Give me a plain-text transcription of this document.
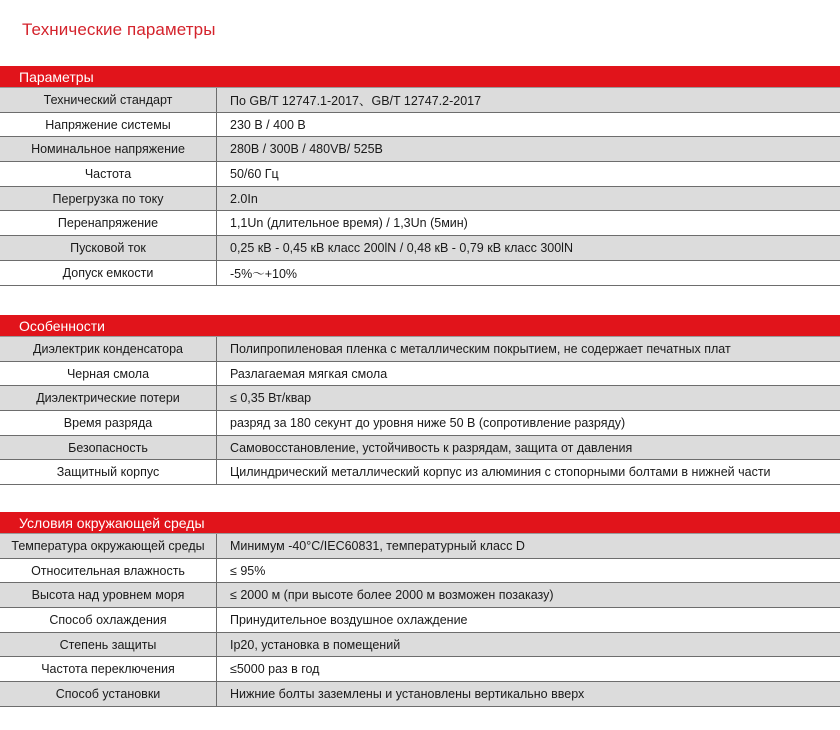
Технические параметры
Параметры
Технический стандарт	По GB/T 12747.1-2017、GB/T 12747.2-2017
Напряжение системы	230 В / 400 В
Номинальное напряжение	280В / 300В / 480VВ/ 525В
Частота	50/60 Гц
Перегрузка по току	2.0In
Перенапряжение	1,1Un (длительное время) / 1,3Un (5мин)
Пусковой ток	0,25 кВ - 0,45 кВ класс 200lN / 0,48 кВ - 0,79 кВ класс 300lN
Допуск емкости	-5%～+10%
Особенности
Диэлектрик конденсатора	Полипропиленовая пленка с металлическим покрытием, не содержает печатных плат
Черная смола	Разлагаемая мягкая смола
Диэлектрические потери	≤ 0,35 Вт/квар
Время разряда	разряд за 180 секунт до уровня ниже 50 В (сопротивление разряду)
Безопасность	Самовосстановление, устойчивость к разрядам, защита от давления
Защитный корпус	Цилиндрический металлический корпус из алюминия с стопорными болтами в нижней части
Условия окружающей среды
Температура окружающей среды	Минимум -40°C/IEC60831, температурный класс D
Относительная влажность	≤ 95%
Высота над уровнем моря	≤ 2000 м (при высоте более 2000 м возможен позаказу)
Способ охлаждения	Принудительное воздушное охлаждение
Степень защиты	Ip20, установка в помещений
Частота переключения	≤5000 раз в год
Способ установки	Нижние болты заземлены и установлены вертикально вверх
